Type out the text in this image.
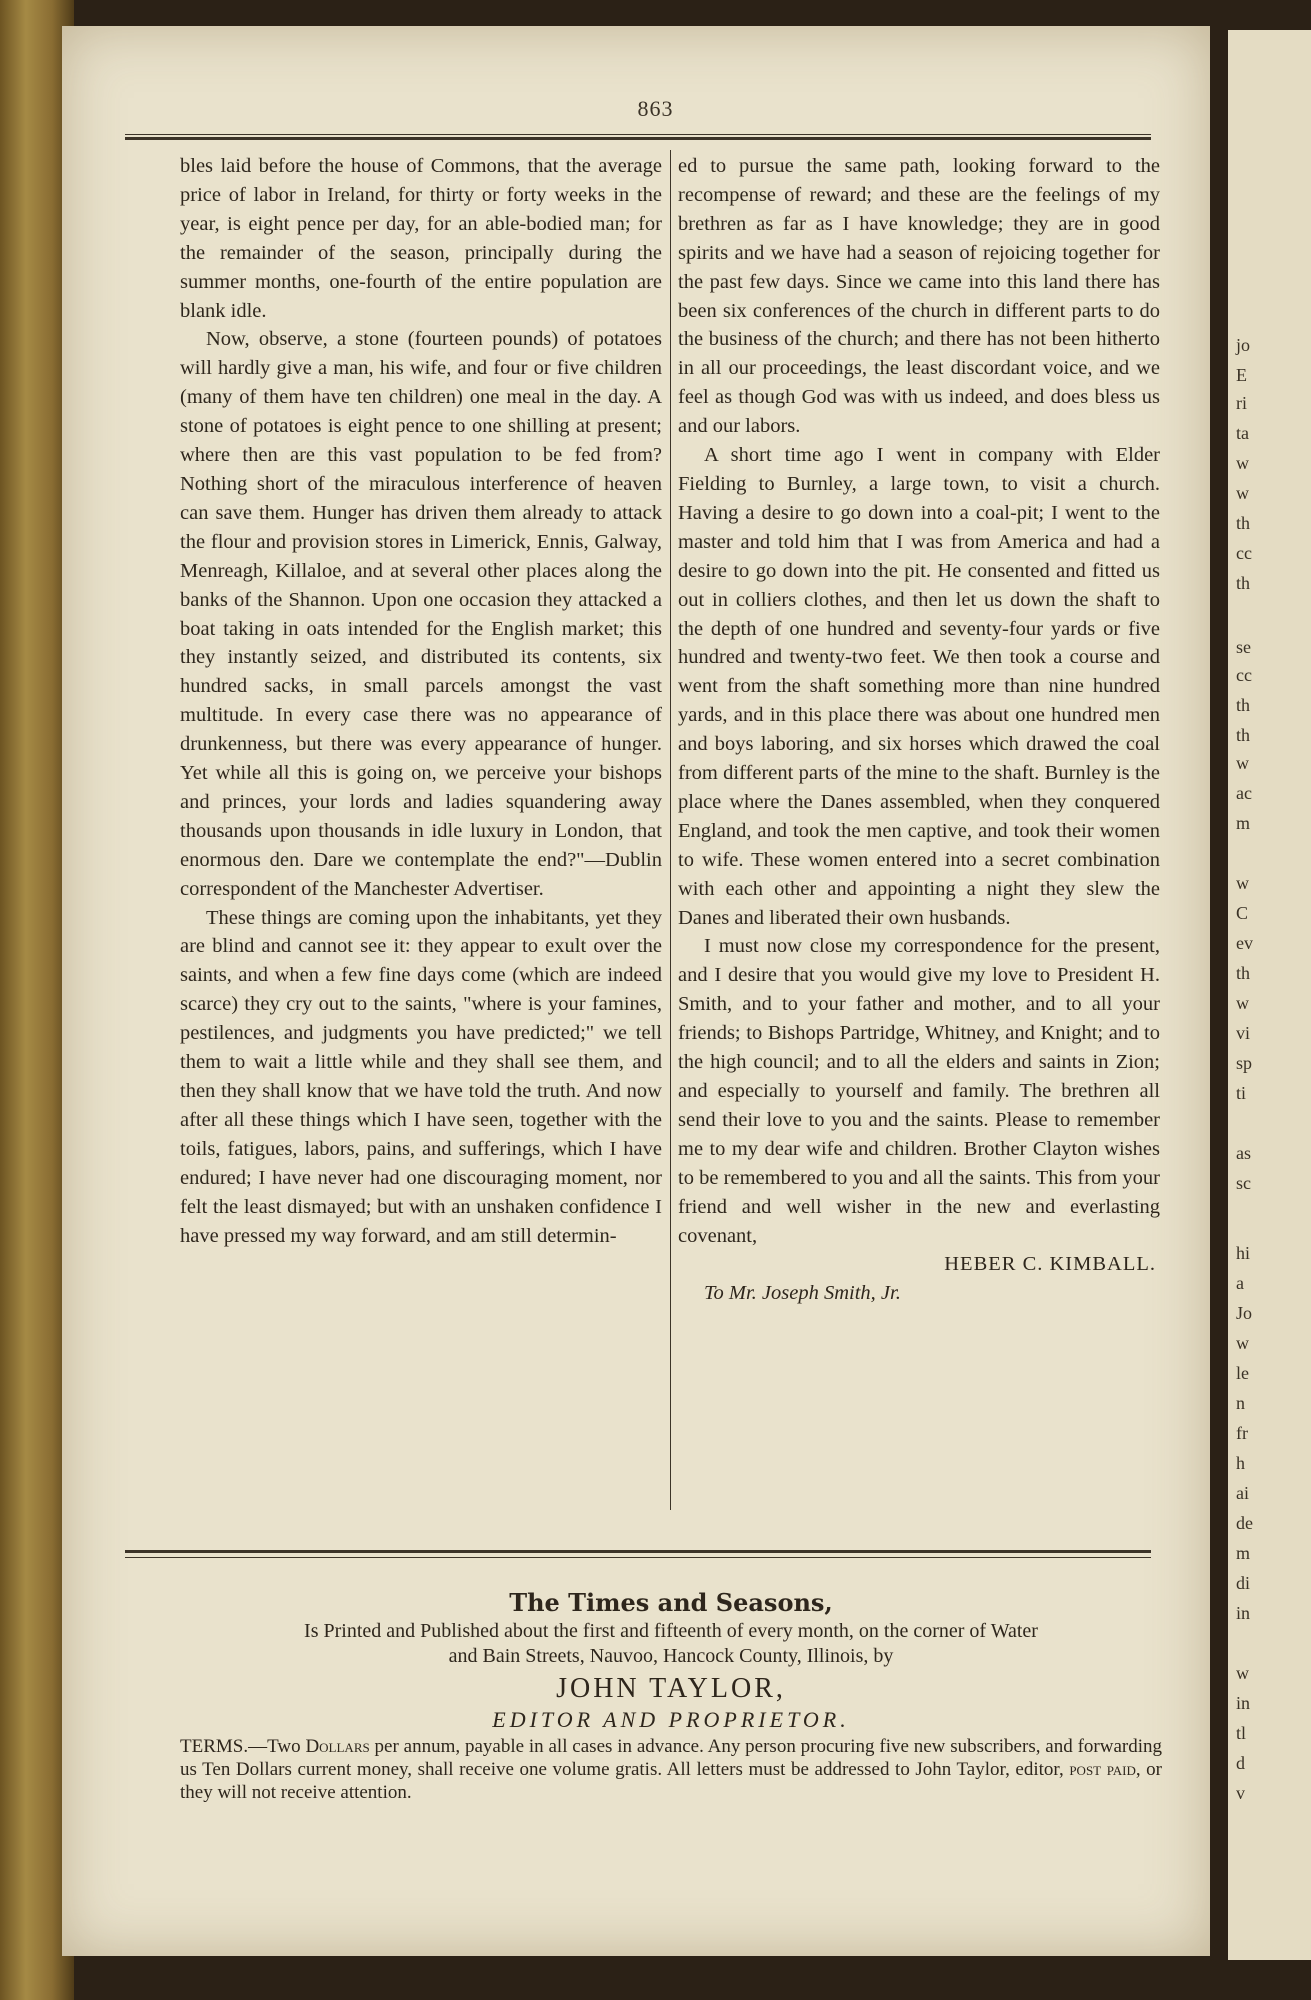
jo
E
ri
ta
w
w
th
cc
th
se
cc
th
th
w
ac
m
w
C
ev
th
w
vi
sp
ti
as
sc
hi
a
Jo
w
le
n
fr
h
ai
de
m
di
in
w
in
tl
d
v
863

bles laid before the house of Commons, that the average price of labor in Ireland, for thirty or forty weeks in the year, is eight pence per day, for an able-bodied man; for the remainder of the season, principally during the summer months, one-fourth of the entire population are blank idle.

Now, observe, a stone (fourteen pounds) of potatoes will hardly give a man, his wife, and four or five children (many of them have ten children) one meal in the day. A stone of potatoes is eight pence to one shilling at present; where then are this vast population to be fed from? Nothing short of the miraculous interference of heaven can save them. Hunger has driven them already to attack the flour and provision stores in Limerick, Ennis, Galway, Menreagh, Killaloe, and at several other places along the banks of the Shannon. Upon one occasion they attacked a boat taking in oats intended for the English market; this they instantly seized, and distributed its contents, six hundred sacks, in small parcels amongst the vast multitude. In every case there was no appearance of drunkenness, but there was every appearance of hunger. Yet while all this is going on, we perceive your bishops and princes, your lords and ladies squandering away thousands upon thousands in idle luxury in London, that enormous den. Dare we contemplate the end?"—Dublin correspondent of the Manchester Advertiser.

These things are coming upon the inhabitants, yet they are blind and cannot see it: they appear to exult over the saints, and when a few fine days come (which are indeed scarce) they cry out to the saints, "where is your famines, pestilences, and judgments you have predicted;" we tell them to wait a little while and they shall see them, and then they shall know that we have told the truth. And now after all these things which I have seen, together with the toils, fatigues, labors, pains, and sufferings, which I have endured; I have never had one discouraging moment, nor felt the least dismayed; but with an unshaken confidence I have pressed my way forward, and am still determin-

ed to pursue the same path, looking forward to the recompense of reward; and these are the feelings of my brethren as far as I have knowledge; they are in good spirits and we have had a season of rejoicing together for the past few days. Since we came into this land there has been six conferences of the church in different parts to do the business of the church; and there has not been hitherto in all our proceedings, the least discordant voice, and we feel as though God was with us indeed, and does bless us and our labors.

A short time ago I went in company with Elder Fielding to Burnley, a large town, to visit a church. Having a desire to go down into a coal-pit; I went to the master and told him that I was from America and had a desire to go down into the pit. He consented and fitted us out in colliers clothes, and then let us down the shaft to the depth of one hundred and seventy-four yards or five hundred and twenty-two feet. We then took a course and went from the shaft something more than nine hundred yards, and in this place there was about one hundred men and boys laboring, and six horses which drawed the coal from different parts of the mine to the shaft. Burnley is the place where the Danes assembled, when they conquered England, and took the men captive, and took their women to wife. These women entered into a secret combination with each other and appointing a night they slew the Danes and liberated their own husbands.

I must now close my correspondence for the present, and I desire that you would give my love to President H. Smith, and to your father and mother, and to all your friends; to Bishops Partridge, Whitney, and Knight; and to the high council; and to all the elders and saints in Zion; and especially to yourself and family. The brethren all send their love to you and the saints. Please to remember me to my dear wife and children. Brother Clayton wishes to be remembered to you and all the saints. This from your friend and well wisher in the new and everlasting covenant,

HEBER C. KIMBALL.

To Mr. Joseph Smith, Jr.

The Times and Seasons,

Is Printed and Published about the first and fifteenth of every month, on the corner of Water

and Bain Streets, Nauvoo, Hancock County, Illinois, by

JOHN TAYLOR,

EDITOR AND PROPRIETOR.

TERMS.—Two Dollars per annum, payable in all cases in advance. Any person procuring five new subscribers, and forwarding us Ten Dollars current money, shall receive one volume gratis. All letters must be addressed to John Taylor, editor, post paid, or they will not receive attention.
